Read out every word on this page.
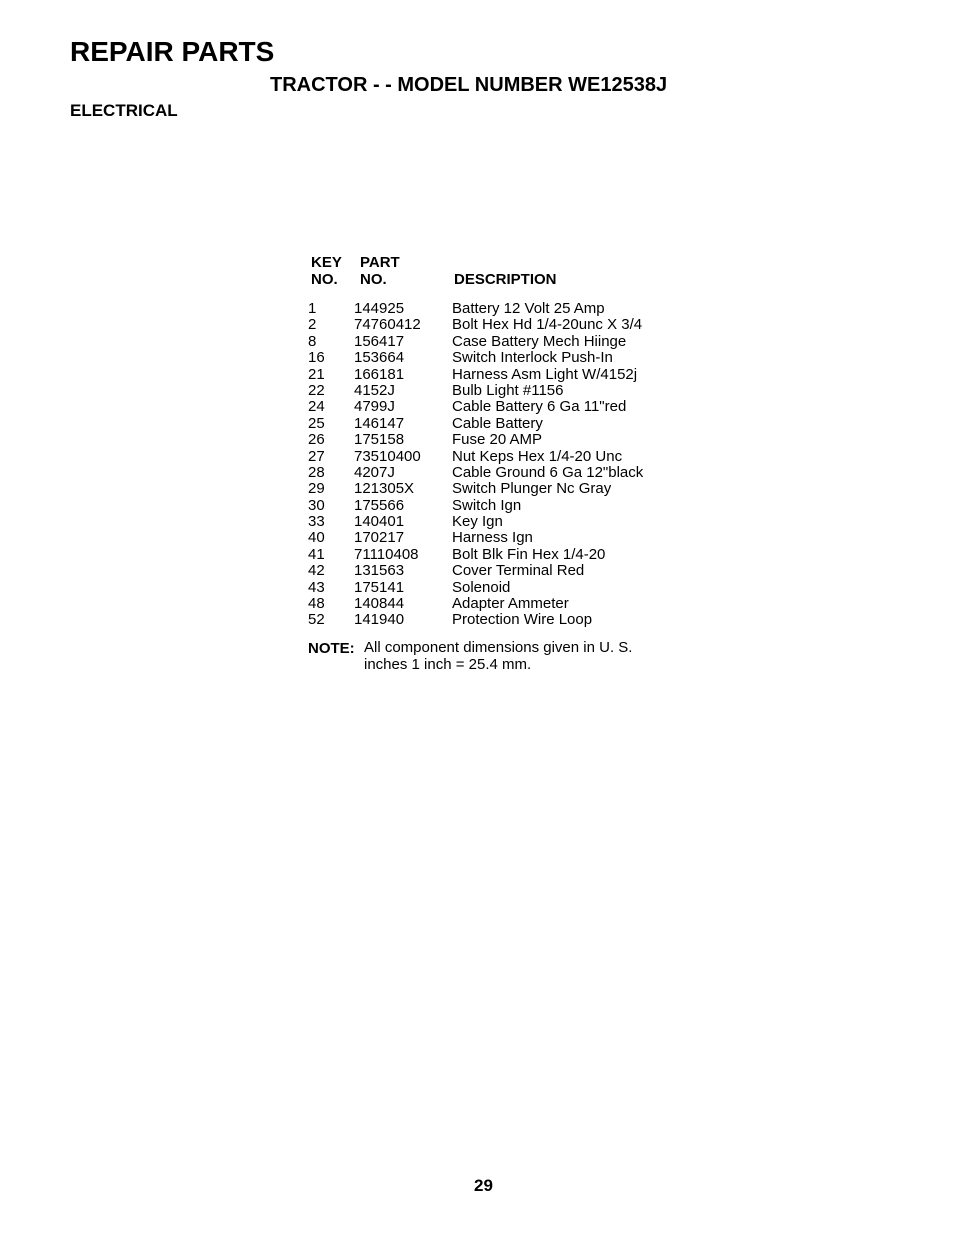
REPAIR PARTS
TRACTOR - - MODEL NUMBER WE12538J
ELECTRICAL
KEY
NO.
PART
NO.	DESCRIPTION
1	144925	Battery 12 Volt 25 Amp
2	74760412 Bolt Hex Hd 1/4-20unc X 3/4
8	156417	Case Battery Mech Hiinge
16 153664	Switch Interlock Push-In
21 166181	Harness Asm Light W/4152j
22 4152J	Bulb Light #1156
24 4799J	Cable Battery 6 Ga 11"red
25 146147	Cable Battery
26 175158	Fuse 20 AMP
27 73510400 Nut Keps Hex 1/4-20 Unc
28 4207J	Cable Ground 6 Ga 12"black
29 121305X	Switch Plunger Nc Gray
30 175566	Switch Ign
33 140401	Key Ign
40 170217	Harness Ign
41 71110408 Bolt Blk Fin Hex 1/4-20
42 131563	Cover Terminal Red
43 175141	Solenoid
48 140844	Adapter Ammeter
52 141940	Protection Wire Loop
NOTE: All component dimensions given in U. S.
inches 1 inch = 25.4 mm.
29
